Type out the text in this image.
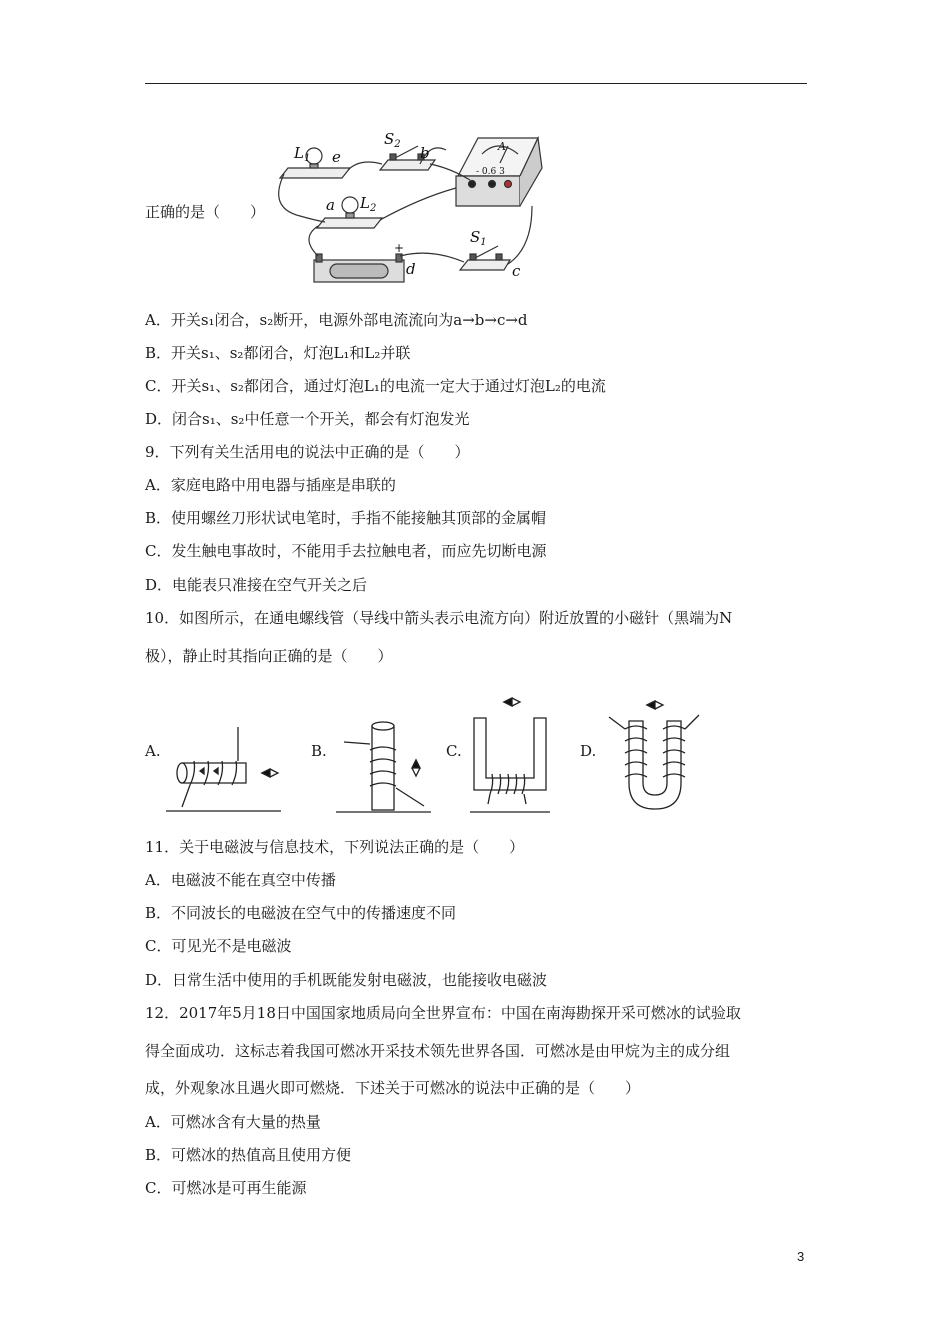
$L_1$ e
$S_2$ b
a $L_2$
d
+
$S_1$
c
A
- 0.6 3
正确的是（　　）
A．开关s₁闭合，s₂断开，电源外部电流流向为a→b→c→d
B．开关s₁、s₂都闭合，灯泡L₁和L₂并联
C．开关s₁、s₂都闭合，通过灯泡L₁的电流一定大于通过灯泡L₂的电流
D．闭合s₁、s₂中任意一个开关，都会有灯泡发光
9．下列有关生活用电的说法中正确的是（　　）
A．家庭电路中用电器与插座是串联的
B．使用螺丝刀形状试电笔时，手指不能接触其顶部的金属帽
C．发生触电事故时，不能用手去拉触电者，而应先切断电源
D．电能表只准接在空气开关之后
10．如图所示，在通电螺线管（导线中箭头表示电流方向）附近放置的小磁针（黑端为N
极），静止时其指向正确的是（　　）
A.	B.	C.	D.
11．关于电磁波与信息技术，下列说法正确的是（　　）
A．电磁波不能在真空中传播
B．不同波长的电磁波在空气中的传播速度不同
C．可见光不是电磁波
D．日常生活中使用的手机既能发射电磁波，也能接收电磁波
12．2017年5月18日中国国家地质局向全世界宣布：中国在南海勘探开采可燃冰的试验取
得全面成功．这标志着我国可燃冰开采技术领先世界各国．可燃冰是由甲烷为主的成分组
成，外观象冰且遇火即可燃烧．下述关于可燃冰的说法中正确的是（　　）
A．可燃冰含有大量的热量
B．可燃冰的热值高且使用方便
C．可燃冰是可再生能源
3
